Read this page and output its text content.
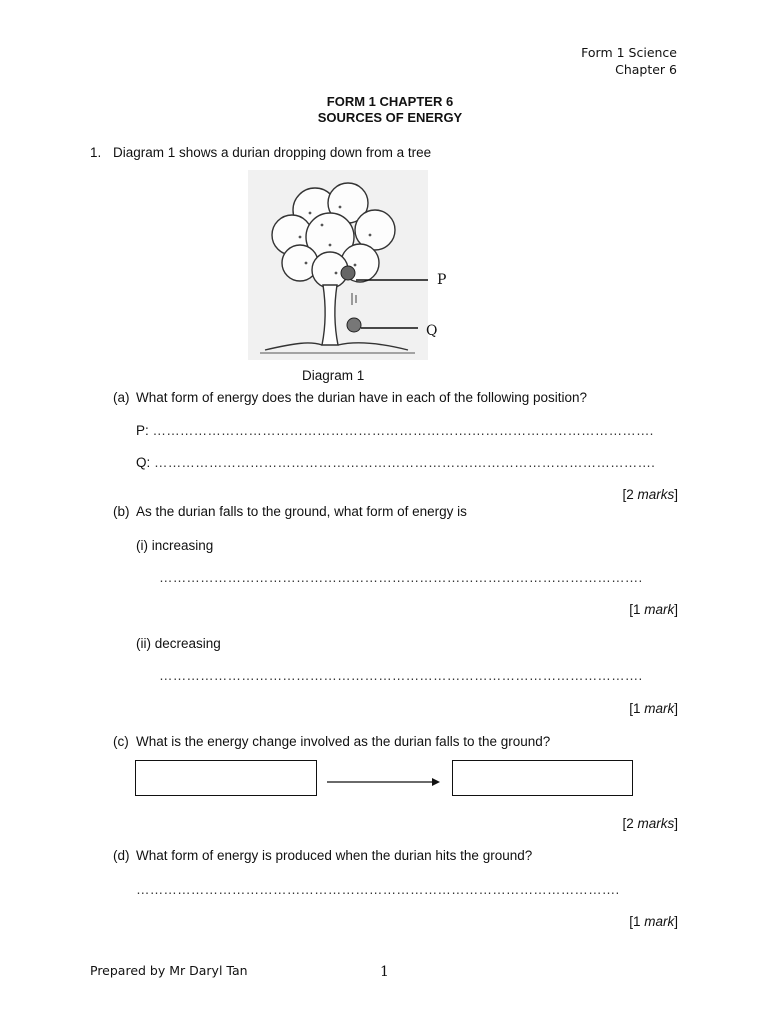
Form 1 Science
Chapter 6
FORM 1 CHAPTER 6
SOURCES OF ENERGY
1. Diagram 1 shows a durian dropping down from a tree
P
Q
Diagram 1
(a) What form of energy does the durian have in each of the following position?
P: …………………………………………………………….………………………………….
Q: …………………………………………………………….………………………………….
[2 marks]
(b) As the durian falls to the ground, what form of energy is
(i) increasing
…………………………………………………………………………………………….
[1 mark]
(ii) decreasing
…………………………………………………………………………………………….
[1 mark]
(c) What is the energy change involved as the durian falls to the ground?
[2 marks]
(d) What form of energy is produced when the durian hits the ground?
…………………………………………………………………………………………….
[1 mark]
Prepared by Mr Daryl Tan	1
